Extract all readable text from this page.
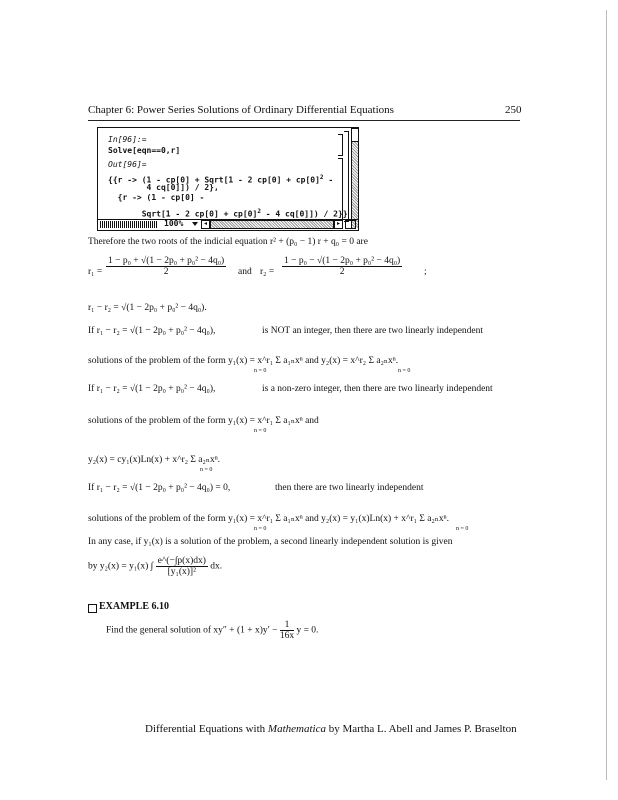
Chapter 6: Power Series Solutions of Ordinary Differential Equations	250
In[96]:=
Solve[eqn==0,r]
Out[96]=
{{r -> (1 - cp[0] + Sqrt[1 - 2 $cp[0] + cp[0]^2$ -
4 cq[0]]) / 2},
{r -> (1 - cp[0] -
Sqrt[1 - 2 $cp[0] + cp[0]^2 - 4$ cq[0]]) / 2}}
100%	◂	▸
Therefore the two roots of the indicial equation r² + (p₀ − 1) r + q₀ = 0 are
$r_1 = \frac{\text{1 − p₀ + √(1 − 2p₀ + p₀² − 4q₀)}}{2}$ and $r_2 = \frac{\text{1 − p₀ − √(1 − 2p₀ + p₀² − 4q₀)}}{2}$ ;
r₁ − r₂ = √(1 − 2p₀ + p₀² − 4q₀).
If r₁ − r₂ = √(1 − 2p₀ + p₀² − 4q₀),	is NOT an integer, then there are two linearly independent
solutions of the problem of the form y₁(x) = x^r₁ Σ a₁ₙxⁿ and y₂(x) = x^r₂ Σ a₂ₙxⁿ.
n = 0	n = 0
If r₁ − r₂ = √(1 − 2p₀ + p₀² − 4q₀),	is a non-zero integer, then there are two linearly independent
solutions of the problem of the form y₁(x) = x^r₁ Σ a₁ₙxⁿ and
n = 0
y₂(x) = cy₁(x)Ln(x) + x^r₂ Σ a₂ₙxⁿ.
n = 0
If r₁ − r₂ = √(1 − 2p₀ + p₀² − 4q₀) = 0,	then there are two linearly independent
solutions of the problem of the form y₁(x) = x^r₁ Σ a₁ₙxⁿ and y₂(x) = y₁(x)Ln(x) + x^r₁ Σ a₂ₙxⁿ.
n = 0	n = 0
In any case, if y₁(x) is a solution of the problem, a second linearly independent solution is given
by y₂(x) = y₁(x) ∫ $\frac{e\^{}(-\int p(x)dx)}{\text{[y₁(x)]²}}$ dx.
EXAMPLE 6.10
Find the general solution of $xy'' + (1 + x)y' - \frac{1}{16x}$ y = 0.
Differential Equations with Mathematica by Martha L. Abell and James P. Braselton
